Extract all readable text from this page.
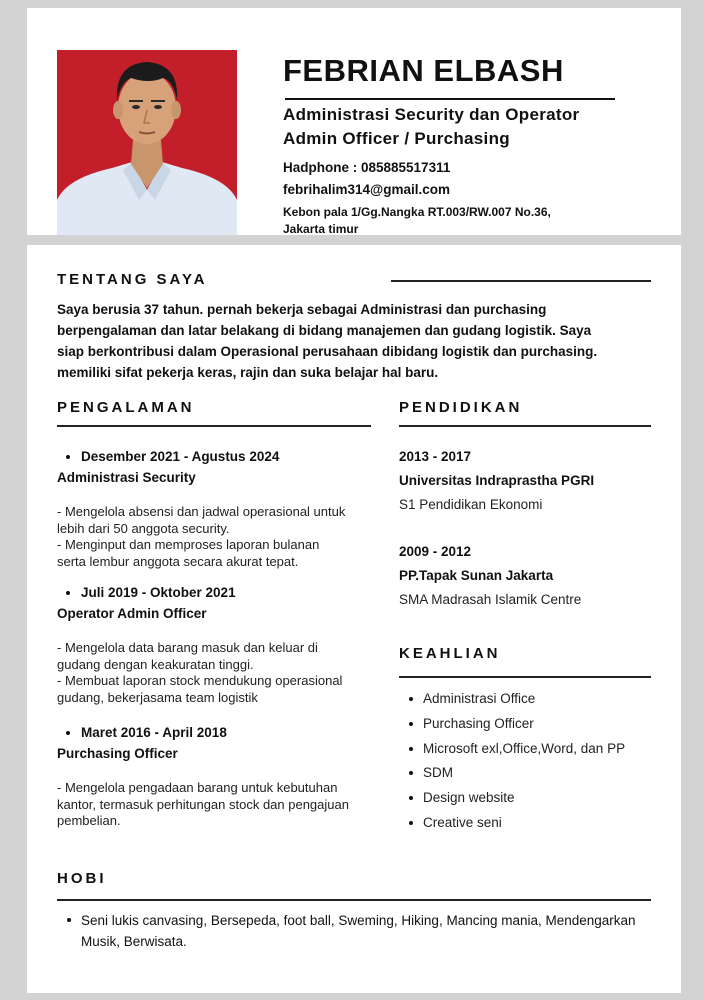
FEBRIAN ELBASH
Administrasi Security dan Operator
Admin Officer / Purchasing
Hadphone : 085885517311
febrihalim314@gmail.com
Kebon pala 1/Gg.Nangka RT.003/RW.007 No.36,
Jakarta timur
TENTANG SAYA
Saya berusia 37 tahun. pernah bekerja sebagai Administrasi dan purchasing berpengalaman dan latar belakang di bidang manajemen dan gudang logistik. Saya siap berkontribusi dalam Operasional perusahaan dibidang logistik dan purchasing. memiliki sifat pekerja keras, rajin dan suka belajar hal baru.
PENGALAMAN
Desember 2021 - Agustus 2024
Administrasi Security
- Mengelola absensi dan jadwal operasional untuk
lebih dari 50 anggota security.
- Menginput dan memproses laporan bulanan
serta lembur anggota secara akurat tepat.
Juli 2019 - Oktober 2021
Operator Admin Officer
- Mengelola data barang masuk dan keluar di
gudang dengan keakuratan tinggi.
- Membuat laporan stock mendukung operasional
gudang, bekerjasama team logistik
Maret 2016 - April 2018
Purchasing Officer
- Mengelola pengadaan barang untuk kebutuhan
kantor, termasuk perhitungan stock dan pengajuan
pembelian.
PENDIDIKAN
2013 - 2017
Universitas Indraprastha PGRI
S1 Pendidikan Ekonomi
2009 - 2012
PP.Tapak Sunan Jakarta
SMA Madrasah Islamik Centre
KEAHLIAN
Administrasi Office
Purchasing Officer
Microsoft exl,Office,Word, dan PP
SDM
Design website
Creative seni
HOBI
Seni lukis canvasing, Bersepeda, foot ball, Sweming, Hiking, Mancing mania, Mendengarkan Musik, Berwisata.
